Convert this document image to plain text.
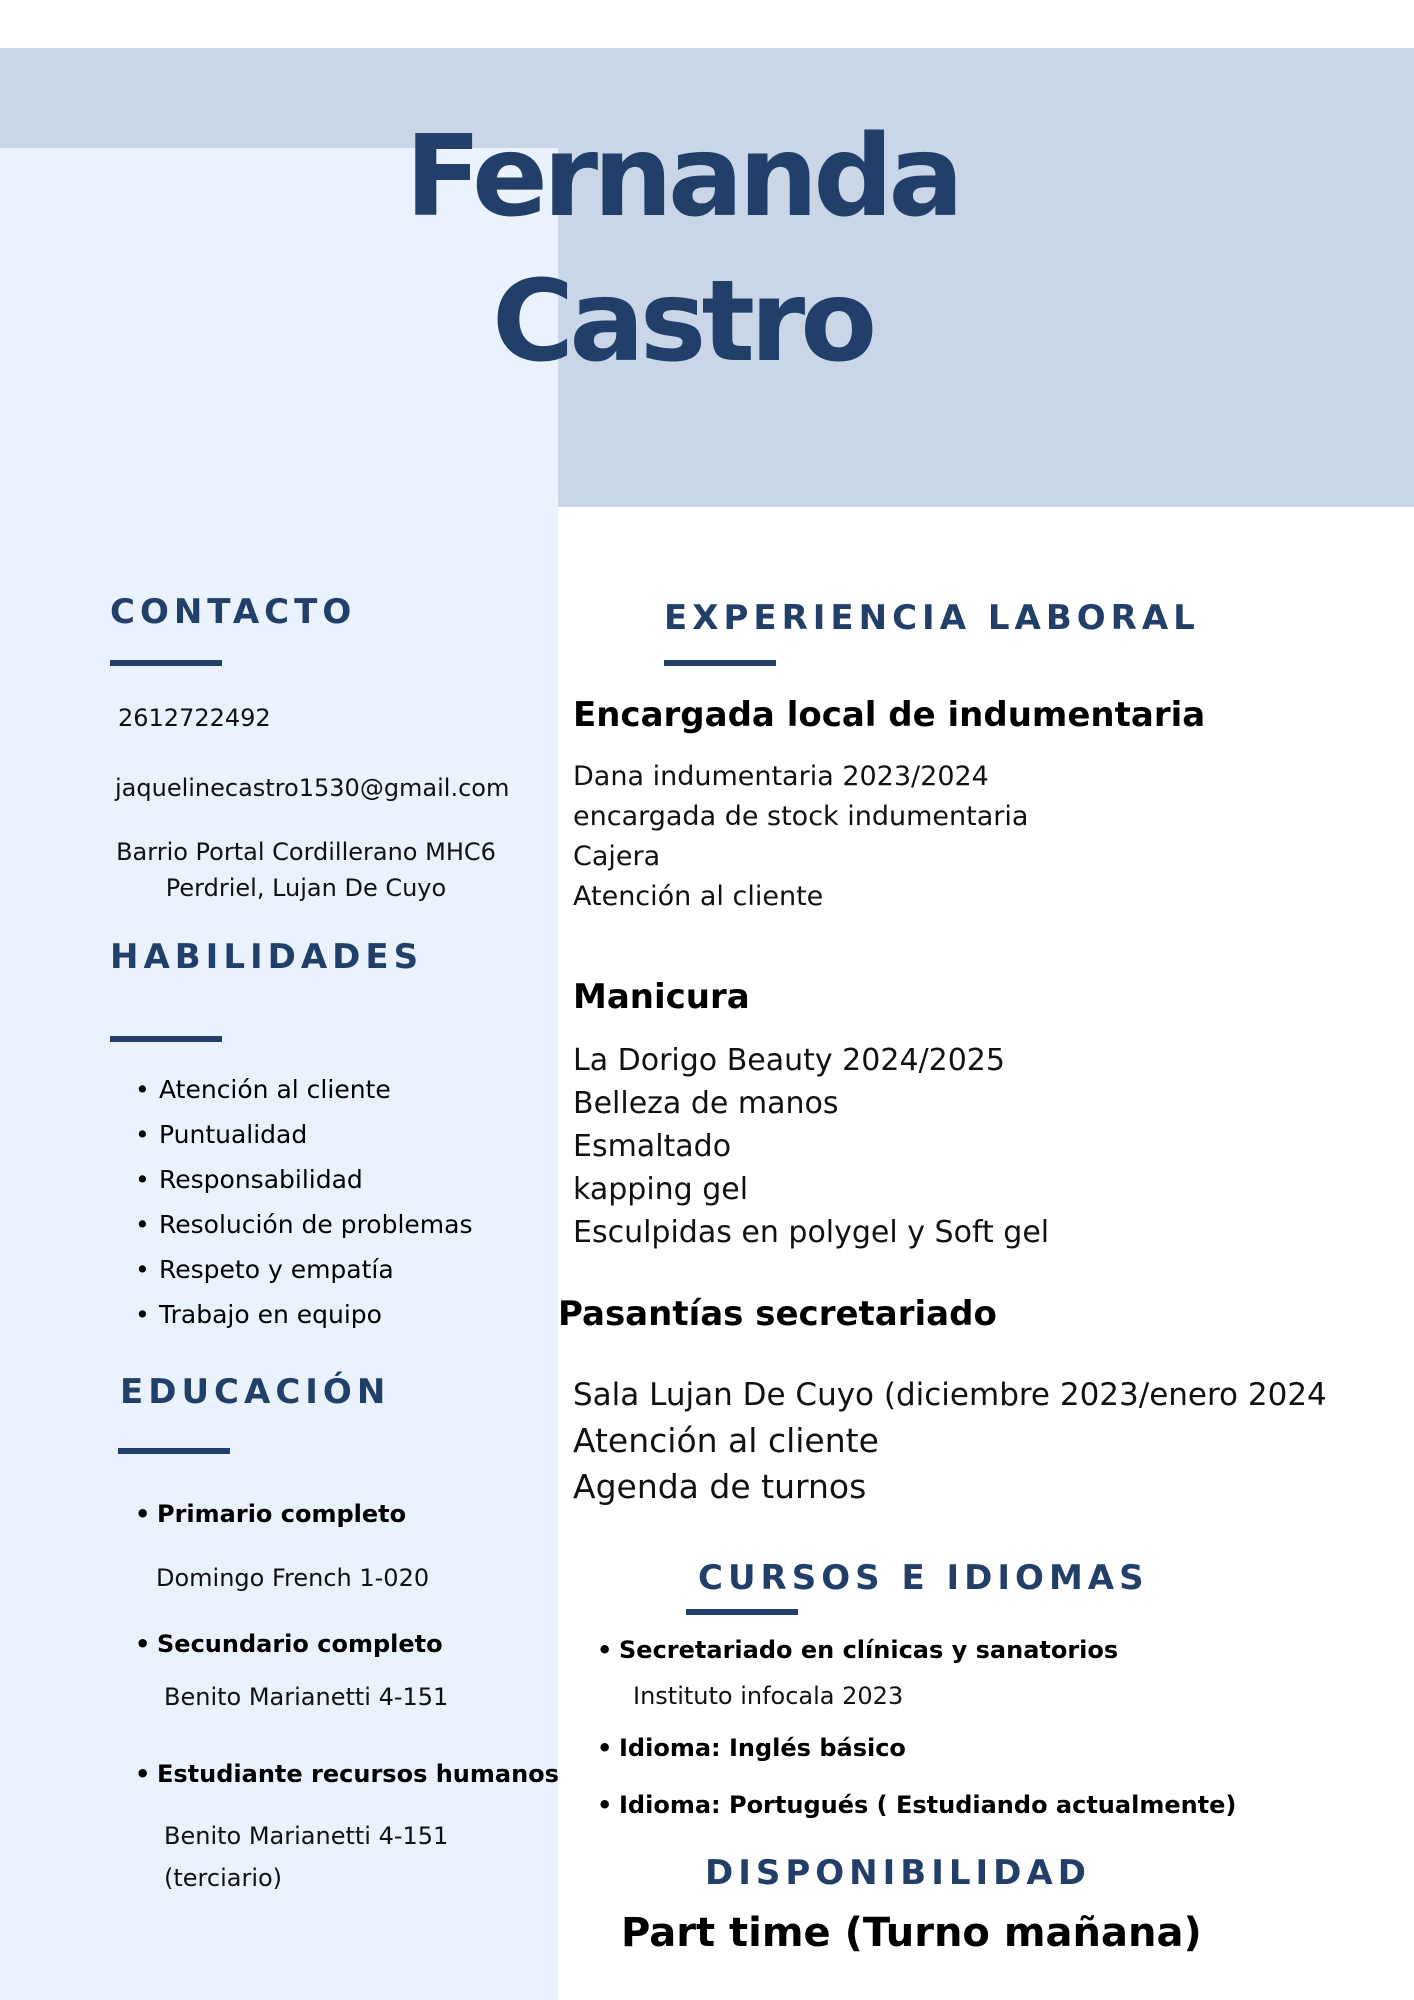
Fernanda
Castro
CONTACTO
2612722492
jaquelinecastro1530@gmail.com
Barrio Portal Cordillerano MHC6
Perdriel, Lujan De Cuyo
HABILIDADES
• Atención al cliente
• Puntualidad
• Responsabilidad
• Resolución de problemas
• Respeto y empatía
• Trabajo en equipo
EDUCACIÓN
• Primario completo
Domingo French 1-020
• Secundario completo
Benito Marianetti 4-151
• Estudiante recursos humanos
Benito Marianetti 4-151
(terciario)
EXPERIENCIA LABORAL
Encargada local de indumentaria
Dana indumentaria 2023/2024
encargada de stock indumentaria
Cajera
Atención al cliente
Manicura
La Dorigo Beauty 2024/2025
Belleza de manos
Esmaltado
kapping gel
Esculpidas en polygel y Soft gel
Pasantías secretariado
Sala Lujan De Cuyo (diciembre 2023/enero 2024
Atención al cliente
Agenda de turnos
CURSOS E IDIOMAS
• Secretariado en clínicas y sanatorios
Instituto infocala 2023
• Idioma: Inglés básico
• Idioma: Portugués ( Estudiando actualmente)
DISPONIBILIDAD
Part time (Turno mañana)
